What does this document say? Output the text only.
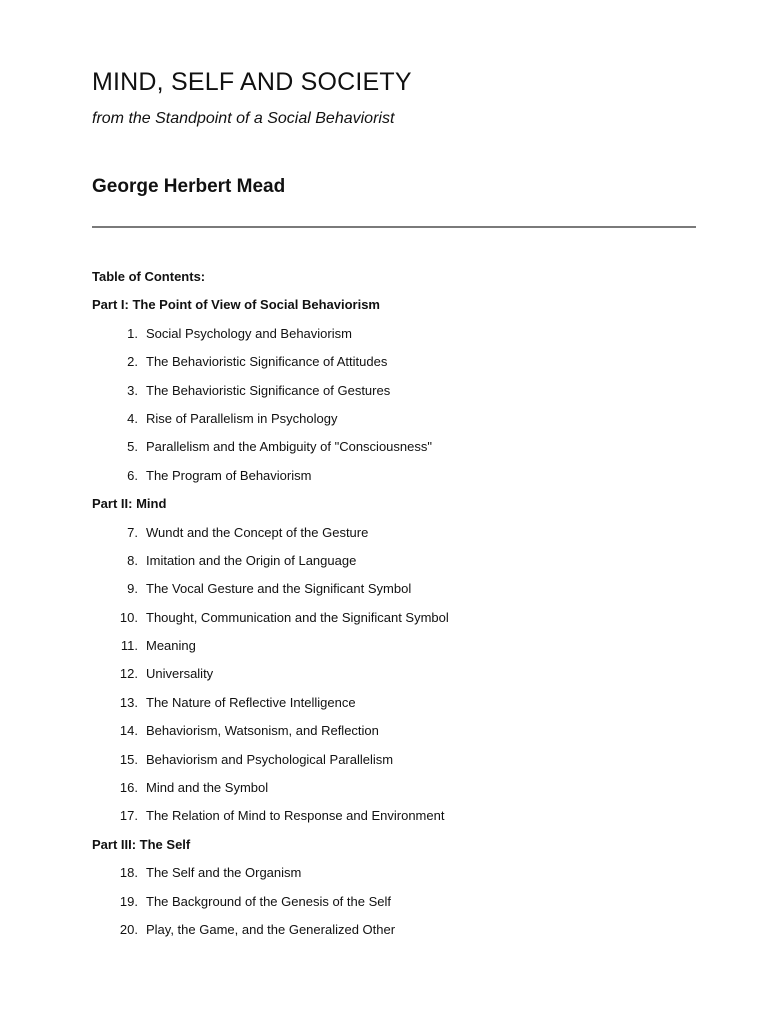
MIND, SELF AND SOCIETY

from the Standpoint of a Social Behaviorist

George Herbert Mead

Table of Contents:
Part I: The Point of View of Social Behaviorism
1. Social Psychology and Behaviorism
2. The Behavioristic Significance of Attitudes
3. The Behavioristic Significance of Gestures
4. Rise of Parallelism in Psychology
5. Parallelism and the Ambiguity of "Consciousness"
6. The Program of Behaviorism
Part II: Mind
7. Wundt and the Concept of the Gesture
8. Imitation and the Origin of Language
9. The Vocal Gesture and the Significant Symbol
10. Thought, Communication and the Significant Symbol
11. Meaning
12. Universality
13. The Nature of Reflective Intelligence
14. Behaviorism, Watsonism, and Reflection
15. Behaviorism and Psychological Parallelism
16. Mind and the Symbol
17. The Relation of Mind to Response and Environment
Part III: The Self
18. The Self and the Organism
19. The Background of the Genesis of the Self
20. Play, the Game, and the Generalized Other
